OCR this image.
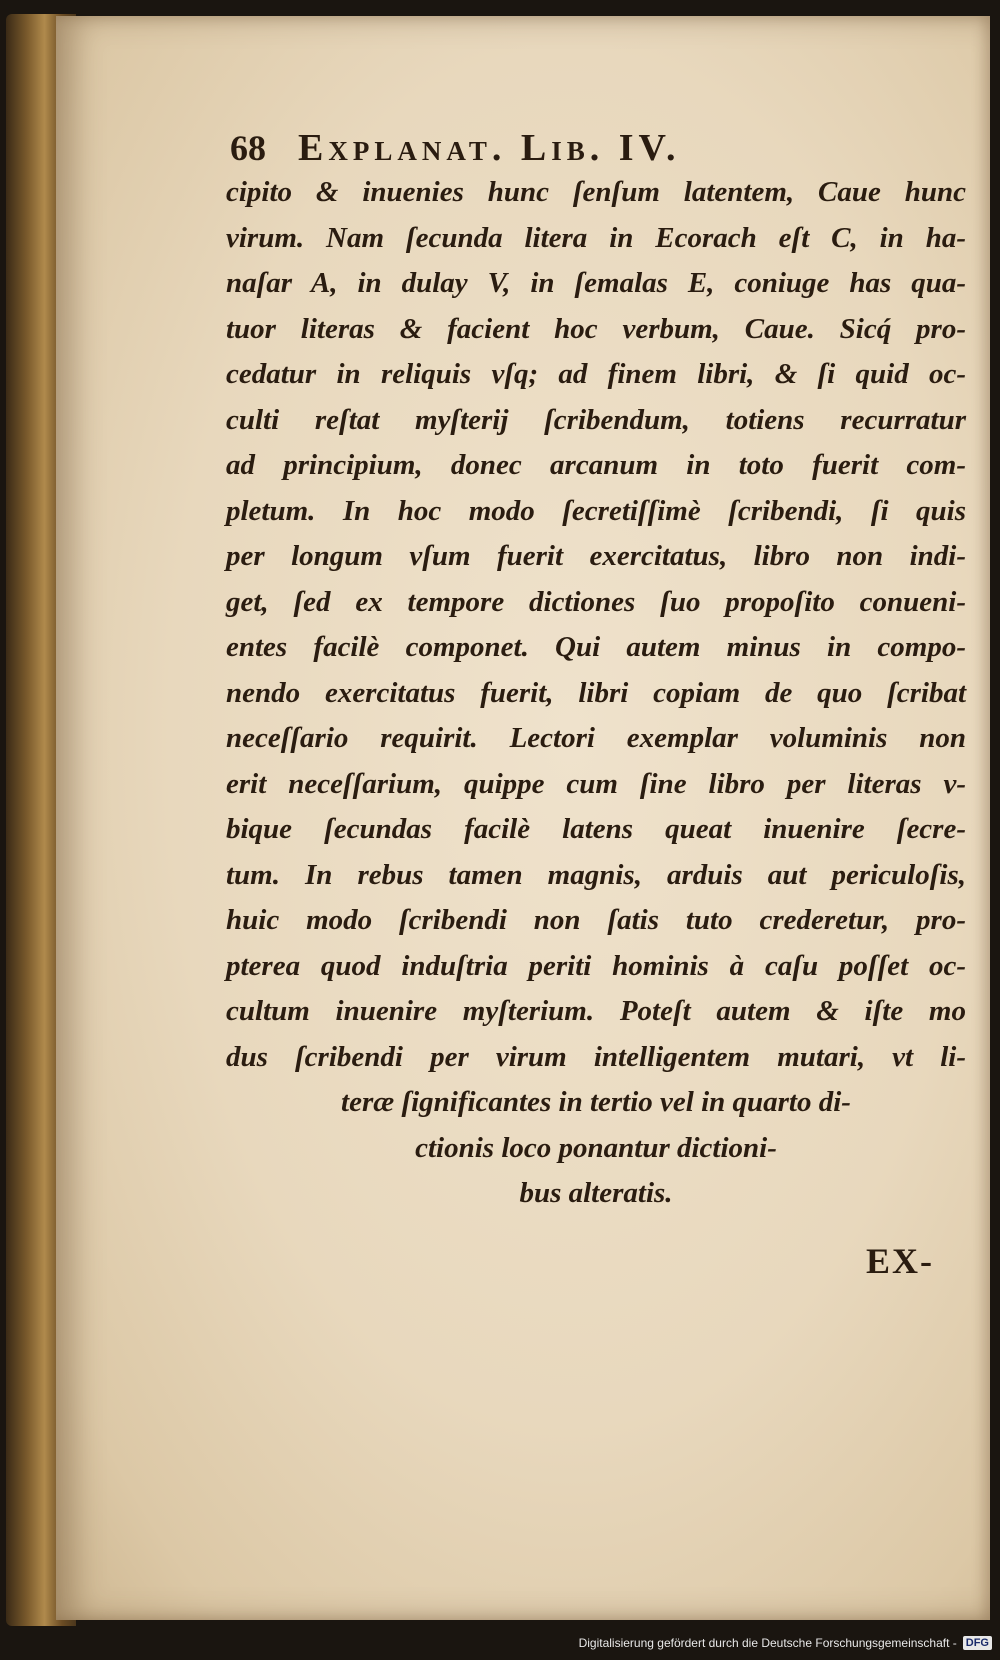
68 Explanat. Lib. IV.
cipito & inuenies hunc ſenſum latentem, Caue hunc
virum. Nam ſecunda litera in Ecorach eſt C, in ha-
naſar A, in dulay V, in ſemalas E, coniuge has qua-
tuor literas & facient hoc verbum, Caue. Sicq́ pro-
cedatur in reliquis vſq; ad finem libri, & ſi quid oc-
culti reſtat myſterij ſcribendum, totiens recurratur
ad principium, donec arcanum in toto fuerit com-
pletum. In hoc modo ſecretiſſimè ſcribendi, ſi quis
per longum vſum fuerit exercitatus, libro non indi-
get, ſed ex tempore dictiones ſuo propoſito conueni-
entes facilè componet. Qui autem minus in compo-
nendo exercitatus fuerit, libri copiam de quo ſcribat
neceſſario requirit. Lectori exemplar voluminis non
erit neceſſarium, quippe cum ſine libro per literas v-
bique ſecundas facilè latens queat inuenire ſecre-
tum. In rebus tamen magnis, arduis aut periculoſis,
huic modo ſcribendi non ſatis tuto crederetur, pro-
pterea quod induſtria periti hominis à caſu poſſet oc-
cultum inuenire myſterium. Poteſt autem & iſte mo
dus ſcribendi per virum intelligentem mutari, vt li-
teræ ſignificantes in tertio vel in quarto di-
ctionis loco ponantur dictioni-
bus alteratis.
EX-
Digitalisierung gefördert durch die Deutsche Forschungsgemeinschaft - DFG
